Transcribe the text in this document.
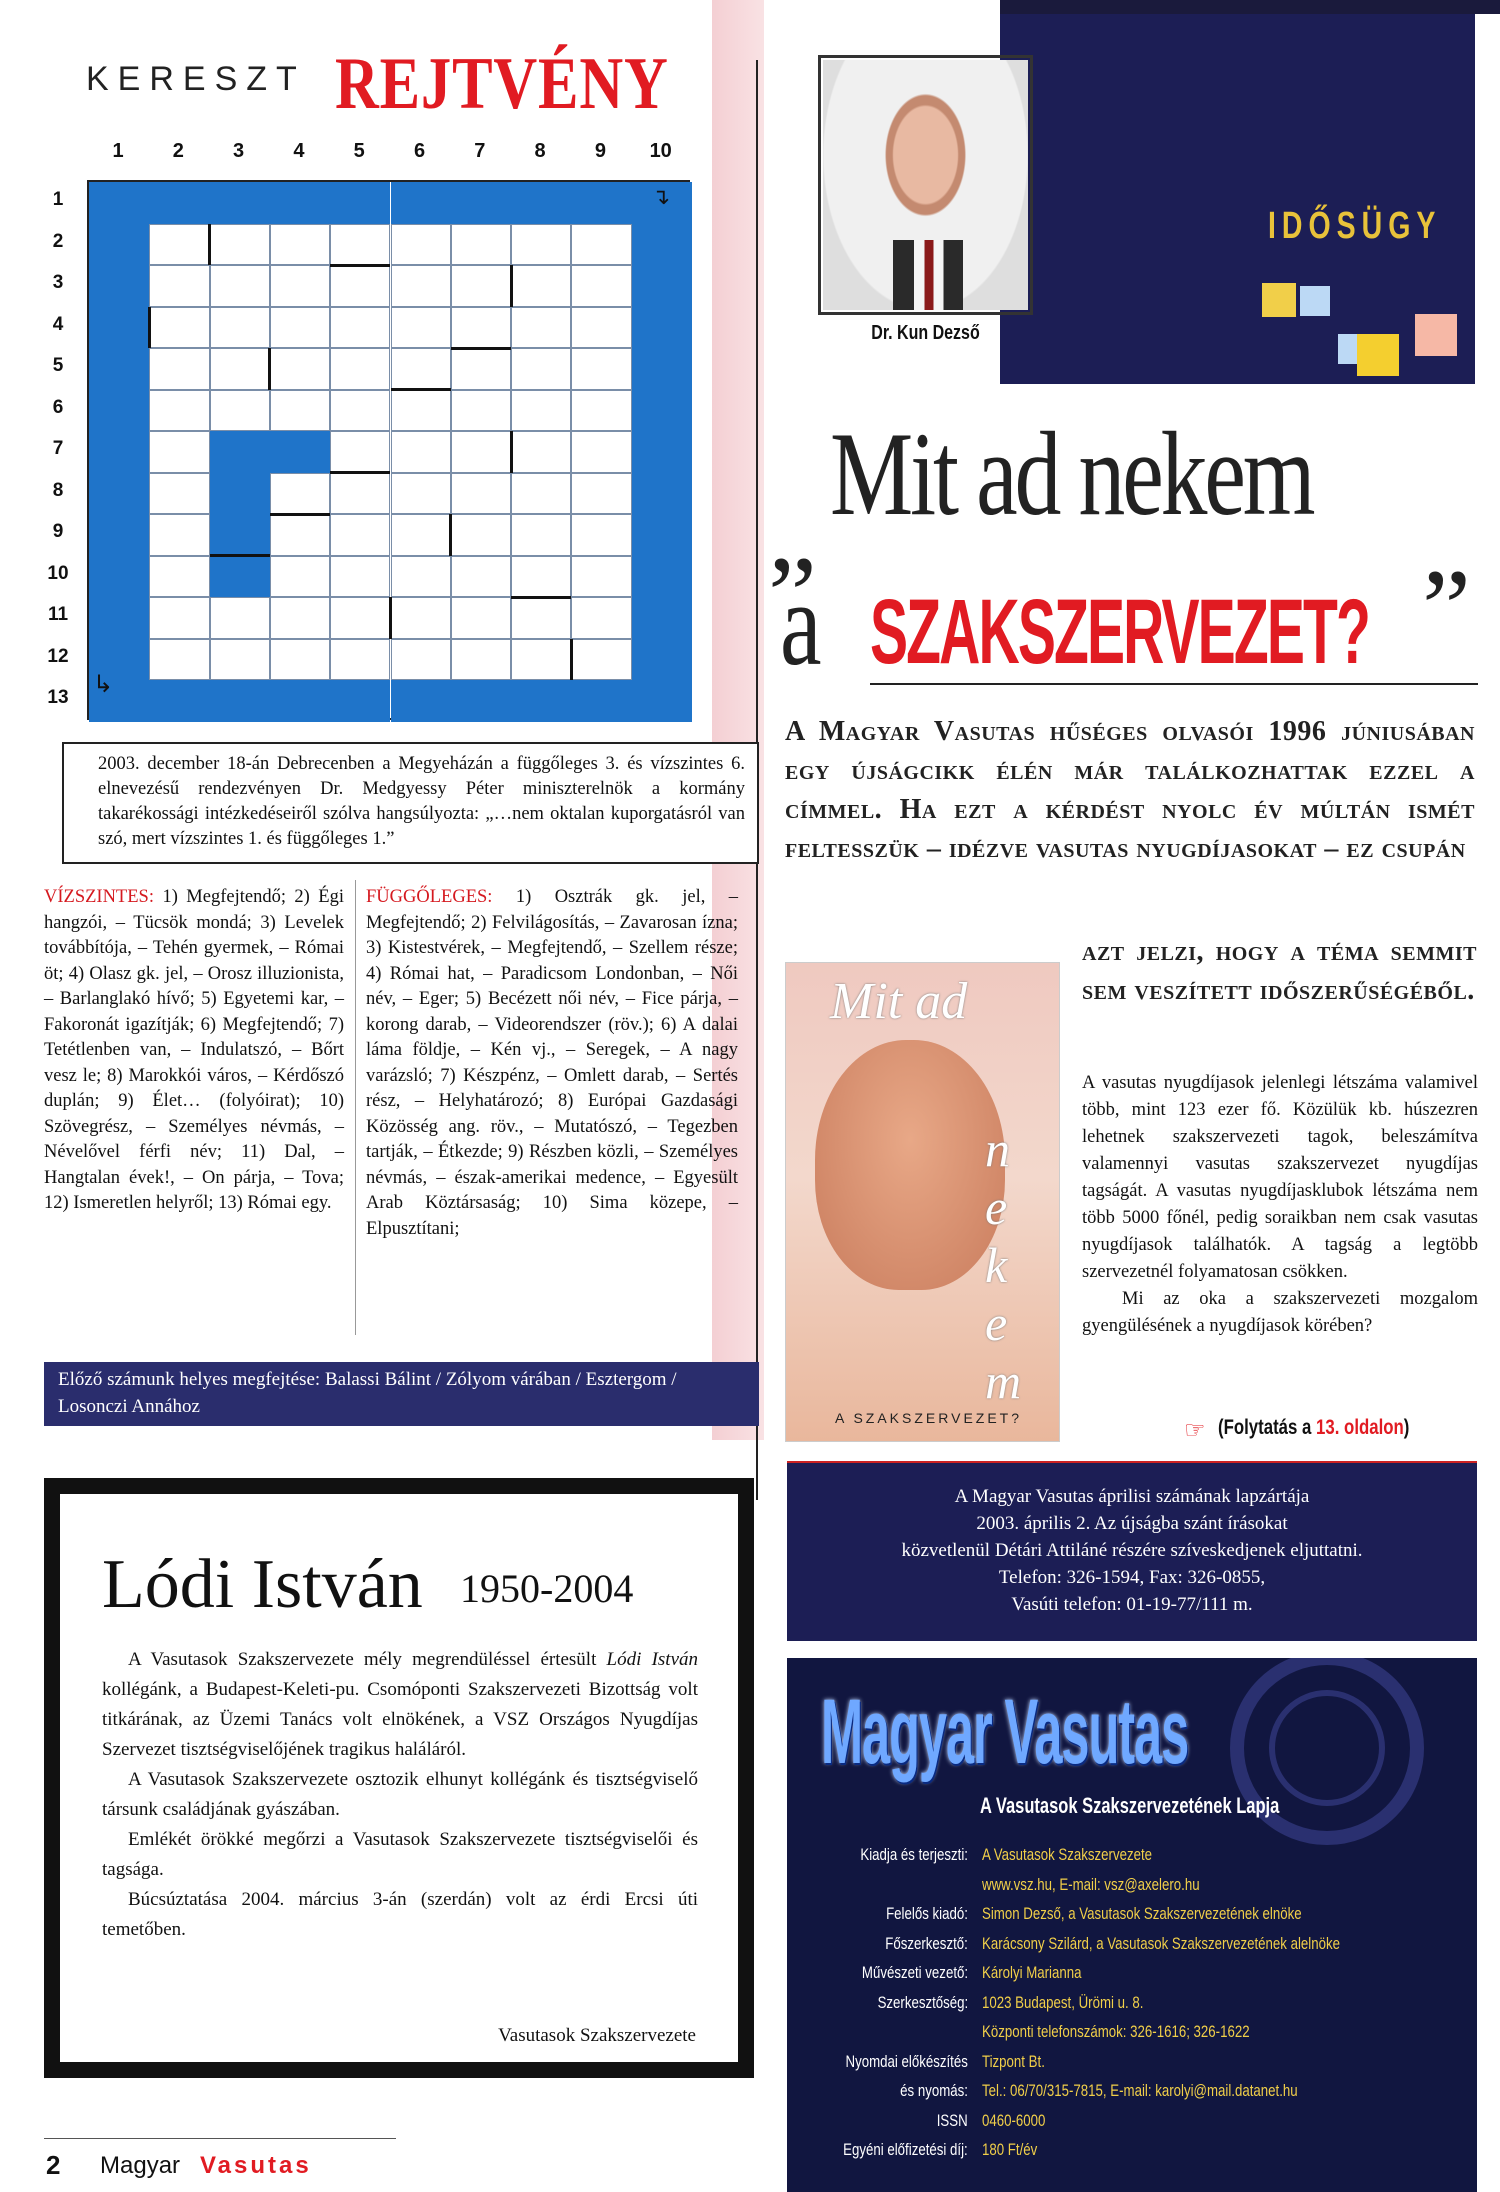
KERESZT REJTVÉNY
1	2	3	4	5	6	7	8	9	10
1
2
3
4
5
6
7
8
9
10
11
12
13
↴
↳
2003. december 18-án Debrecenben a Megyeházán a függőleges 3. és vízszintes 6. elnevezésű rendezvényen Dr. Medgyessy Péter miniszterelnök a kormány takarékossági intézkedéseiről szólva hangsúlyozta: „…nem oktalan kuporgatásról van szó, mert vízszintes 1. és függőleges 1.”
VÍZSZINTES: 1) Megfejtendő; 2) Égi hangzói, – Tücsök mondá; 3) Levelek továbbítója, – Tehén gyermek, – Római öt; 4) Olasz gk. jel, – Orosz illuzionista, – Barlanglakó hívő; 5) Egyetemi kar, – Fakoronát igazítják; 6) Megfejtendő; 7) Tetétlenben van, – Indulatszó, – Bőrt vesz le; 8) Marokkói város, – Kérdőszó duplán; 9) Élet… (folyóirat); 10) Szövegrész, – Személyes névmás, – Névelővel férfi név; 11) Dal, – Hangtalan évek!, – On párja, – Tova; 12) Ismeretlen helyről; 13) Római egy.
FÜGGŐLEGES: 1) Osztrák gk. jel, – Megfejtendő; 2) Felvilágosítás, – Zavarosan ízna; 3) Kistestvérek, – Megfejtendő, – Szellem része; 4) Római hat, – Paradicsom Londonban, – Női név, – Eger; 5) Becézett női név, – Fice párja, – korong darab, – Videorendszer (röv.); 6) A dalai láma földje, – Kén vj., – Seregek, – A nagy varázsló; 7) Készpénz, – Omlett darab, – Sertés rész, – Helyhatározó; 8) Európai Gazdasági Közösség ang. röv., – Mutatószó, – Tegezben tartják, – Étkezde; 9) Részben közli, – Személyes névmás, – észak-amerikai medence, – Egyesült Arab Köztársaság; 10) Sima közepe, – Elpusztítani;
Előző számunk helyes megfejtése: Balassi Bálint / Zólyom várában / Esztergom / Losonczi Annához
Dr. Kun Dezső
IDŐSÜGY
„ Mit ad nekem
a SZAKSZERVEZET? ”
A Magyar Vasutas hűséges olvasói 1996 júniusában egy újságcikk élén már találkozhattak ezzel a címmel. Ha ezt a kérdést nyolc év múltán ismét feltesszük – idézve vasutas nyugdíjasokat – ez csupán
azt jelzi, hogy a téma semmit sem veszített időszerűségéből.
Mit ad
nekem
A SZAKSZERVEZET?

A vasutas nyugdíjasok jelenlegi létszáma valamivel több, mint 123 ezer fő. Közülük kb. húszezren lehetnek szakszervezeti tagok, beleszámítva valamennyi vasutas szakszervezet nyugdíjas tagságát. A vasutas nyugdíjasklubok létszáma nem több 5000 főnél, pedig soraikban nem csak vasutas nyugdíjasok találhatók. A tagság a legtöbb szervezetnél folyamatosan csökken.

Mi az oka a szakszervezeti mozgalom gyengülésének a nyugdíjasok körében?

☞ (Folytatás a 13. oldalon)
A Magyar Vasutas áprilisi számának lapzártája
2003. április 2. Az újságba szánt írásokat
közvetlenül Détári Attiláné részére szíveskedjenek eljuttatni.
Telefon: 326-1594, Fax: 326-0855,
Vasúti telefon: 01-19-77/111 m.
Magyar Vasutas
A Vasutasok Szakszervezetének Lapja
Kiadja és terjeszti: A Vasutasok Szakszervezete
www.vsz.hu, E-mail: vsz@axelero.hu
Felelős kiadó: Simon Dezső, a Vasutasok Szakszervezetének elnöke
Főszerkesztő: Karácsony Szilárd, a Vasutasok Szakszervezetének alelnöke
Művészeti vezető: Károlyi Marianna
Szerkesztőség: 1023 Budapest, Ürömi u. 8.
Központi telefonszámok: 326-1616; 326-1622
Nyomdai előkészítés Tizpont Bt.
és nyomás: Tel.: 06/70/315-7815, E-mail: karolyi@mail.datanet.hu
ISSN 0460-6000
Egyéni előfizetési díj: 180 Ft/év
Lódi István 1950-2004

A Vasutasok Szakszervezete mély megrendüléssel értesült Lódi István kollégánk, a Budapest-Keleti-pu. Csomóponti Szakszervezeti Bizottság volt titkárának, az Üzemi Tanács volt elnökének, a VSZ Országos Nyugdíjas Szervezet tisztségviselőjének tragikus haláláról.

A Vasutasok Szakszervezete osztozik elhunyt kollégánk és tisztségviselő társunk családjának gyászában.

Emlékét örökké megőrzi a Vasutasok Szakszervezete tisztségviselői és tagsága.

Búcsúztatása 2004. március 3-án (szerdán) volt az érdi Ercsi úti temetőben.

Vasutasok Szakszervezete
2 Magyar Vasutas
